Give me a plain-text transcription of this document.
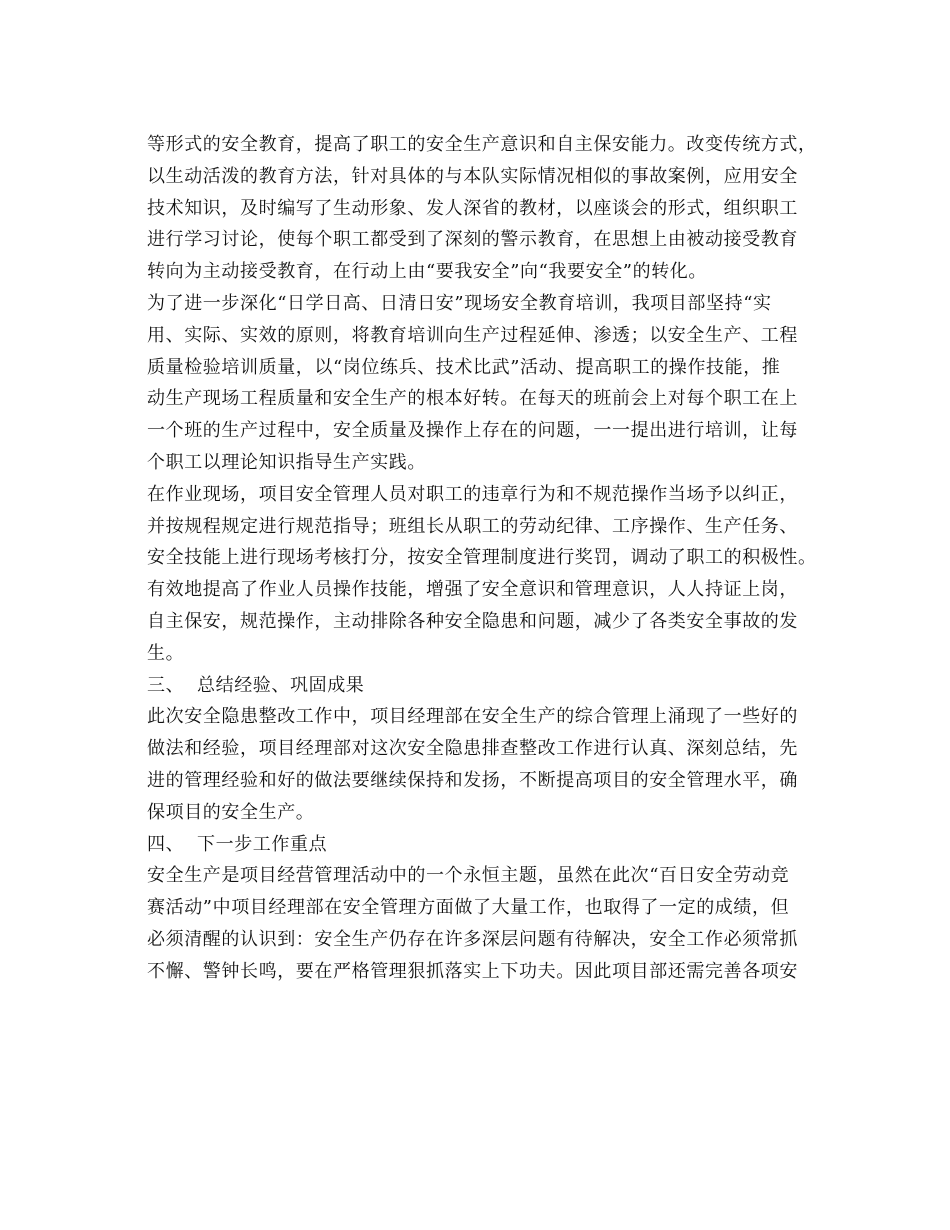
等形式的安全教育，提高了职工的安全生产意识和自主保安能力。改变传统方式，
以生动活泼的教育方法，针对具体的与本队实际情况相似的事故案例，应用安全
技术知识，及时编写了生动形象、发人深省的教材，以座谈会的形式，组织职工
进行学习讨论，使每个职工都受到了深刻的警示教育，在思想上由被动接受教育
转向为主动接受教育，在行动上由“要我安全”向“我要安全”的转化。
为了进一步深化“日学日高、日清日安”现场安全教育培训，我项目部坚持“实
用、实际、实效的原则，将教育培训向生产过程延伸、渗透；以安全生产、工程
质量检验培训质量，以“岗位练兵、技术比武”活动、提高职工的操作技能，推
动生产现场工程质量和安全生产的根本好转。在每天的班前会上对每个职工在上
一个班的生产过程中，安全质量及操作上存在的问题，一一提出进行培训，让每
个职工以理论知识指导生产实践。
在作业现场，项目安全管理人员对职工的违章行为和不规范操作当场予以纠正，
并按规程规定进行规范指导；班组长从职工的劳动纪律、工序操作、生产任务、
安全技能上进行现场考核打分，按安全管理制度进行奖罚，调动了职工的积极性。
有效地提高了作业人员操作技能，增强了安全意识和管理意识，人人持证上岗，
自主保安，规范操作，主动排除各种安全隐患和问题，减少了各类安全事故的发
生。
三、 总结经验、巩固成果
此次安全隐患整改工作中，项目经理部在安全生产的综合管理上涌现了一些好的
做法和经验，项目经理部对这次安全隐患排查整改工作进行认真、深刻总结，先
进的管理经验和好的做法要继续保持和发扬，不断提高项目的安全管理水平，确
保项目的安全生产。
四、 下一步工作重点
安全生产是项目经营管理活动中的一个永恒主题，虽然在此次“百日安全劳动竞
赛活动”中项目经理部在安全管理方面做了大量工作，也取得了一定的成绩，但
必须清醒的认识到：安全生产仍存在许多深层问题有待解决，安全工作必须常抓
不懈、警钟长鸣，要在严格管理狠抓落实上下功夫。因此项目部还需完善各项安
